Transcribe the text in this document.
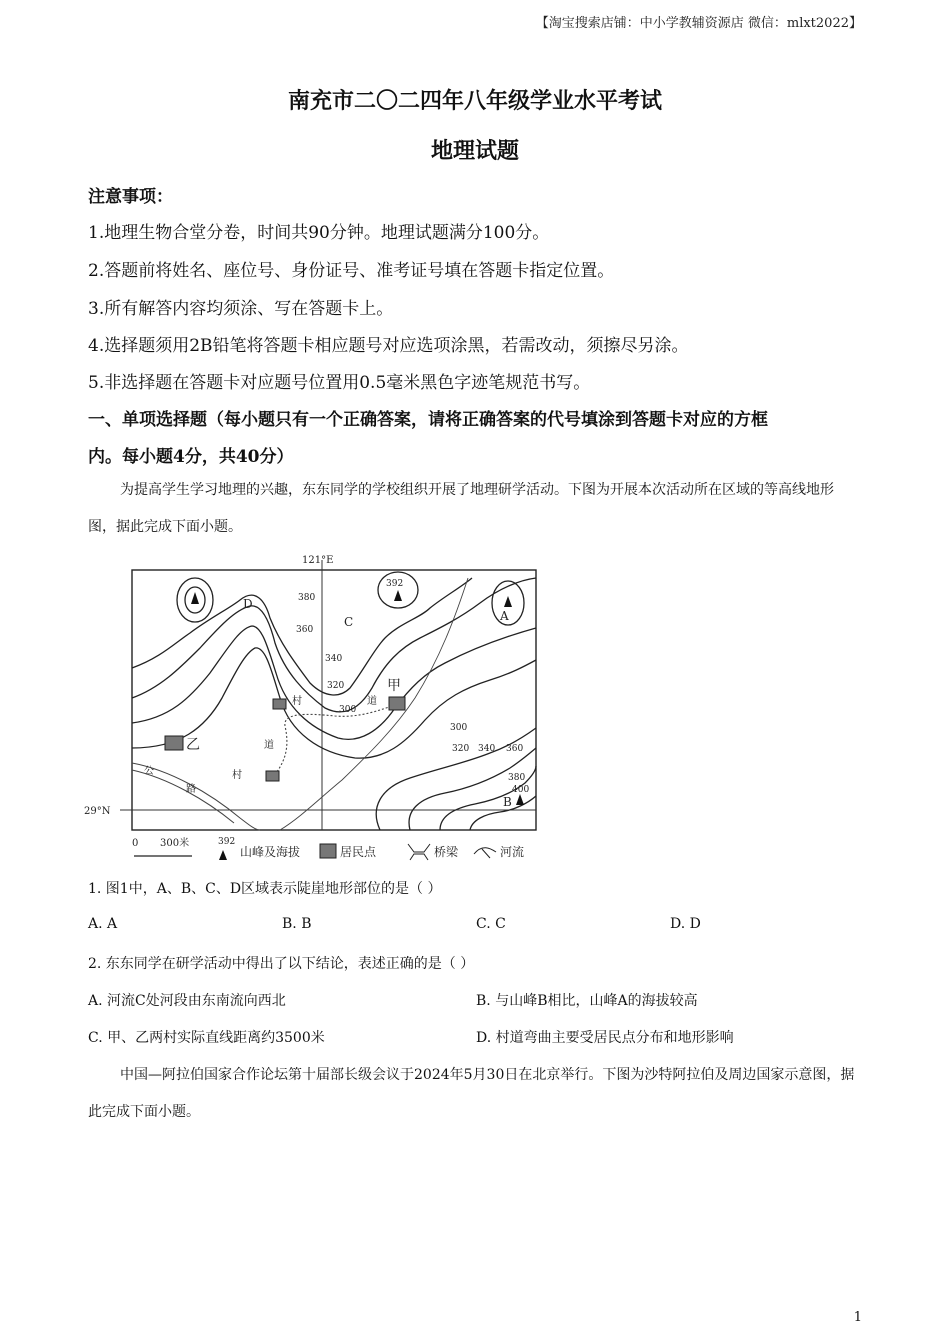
【淘宝搜索店铺：中小学教辅资源店 微信：mlxt2022】
南充市二〇二四年八年级学业水平考试
地理试题
注意事项：
1.地理生物合堂分卷，时间共90分钟。地理试题满分100分。
2.答题前将姓名、座位号、身份证号、准考证号填在答题卡指定位置。
3.所有解答内容均须涂、写在答题卡上。
4.选择题须用2B铅笔将答题卡相应题号对应选项涂黑，若需改动，须擦尽另涂。
5.非选择题在答题卡对应题号位置用0.5毫米黑色字迹笔规范书写。
一、单项选择题（每小题只有一个正确答案，请将正确答案的代号填涂到答题卡对应的方框
内。每小题4分，共40分）
为提高学生学习地理的兴趣，东东同学的学校组织开展了地理研学活动。下图为开展本次活动所在区域的等高线地形图，据此完成下面小题。
121°E
29°N
380
360
340
320
300
300
320 340 360
380
400
392
A
B
C
D
甲
乙
村	道
道
村
公
路
0 300米	392
山峰及海拔	居民点	桥梁	河流
1. 图1中，A、B、C、D区域表示陡崖地形部位的是（ ）
A. A	B. B	C. C	D. D
2. 东东同学在研学活动中得出了以下结论，表述正确的是（ ）
A. 河流C处河段由东南流向西北	B. 与山峰B相比，山峰A的海拔较高
C. 甲、乙两村实际直线距离约3500米	D. 村道弯曲主要受居民点分布和地形影响
中国—阿拉伯国家合作论坛第十届部长级会议于2024年5月30日在北京举行。下图为沙特阿拉伯及周边国家示意图，据此完成下面小题。
1
